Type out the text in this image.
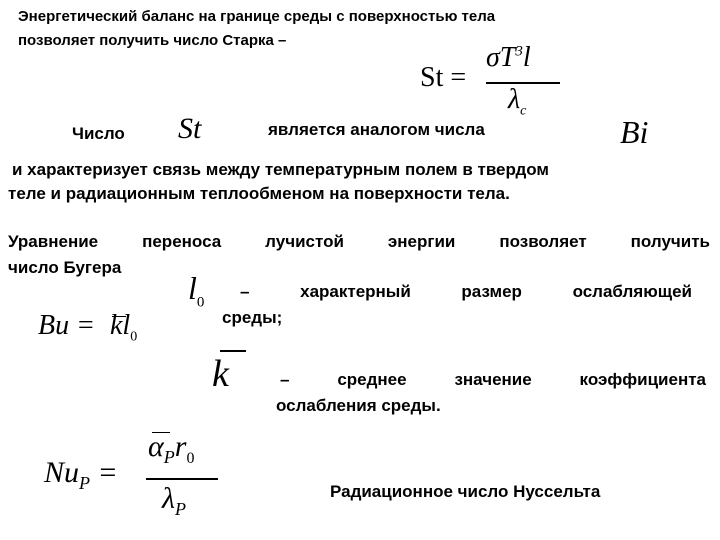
Энергетический баланс на границе среды с поверхностью тела
позволяет получить число Старка –
St =
$\sigma T^3l$
$\lambda_c$
Число St	является аналогом числа	Bi
и характеризует связь между температурным полем в твердом
теле и радиационным теплообменом на поверхности тела.
Уравнение переноса лучистой энергии позволяет получить
число Бугера
$l_0$
– характерный размер ослабляющей
среды;
$Bu = kl_0$
k	– среднее значение коэффициента
ослабления среды.
$Nu_P$ =
$\alpha_Pr_0$
$\lambda_P$
Радиационное число Нуссельта
